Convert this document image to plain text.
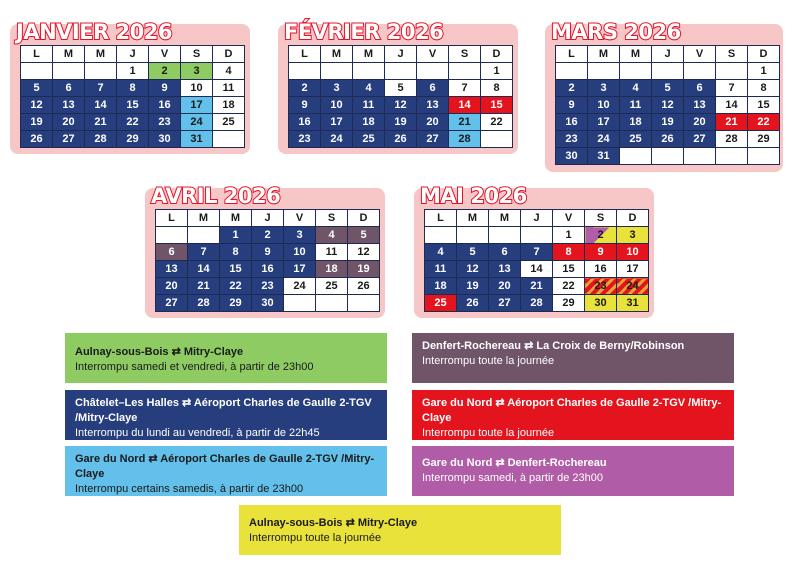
JANVIER 2026
L	M	M	J	V	S	D
			1	2	3	4
5	6	7	8	9	10	11
12	13	14	15	16	17	18
19	20	21	22	23	24	25
26	27	28	29	30	31	
FÉVRIER 2026
L	M	M	J	V	S	D
						1
2	3	4	5	6	7	8
9	10	11	12	13	14	15
16	17	18	19	20	21	22
23	24	25	26	27	28	
MARS 2026
L	M	M	J	V	S	D
						1
2	3	4	5	6	7	8
9	10	11	12	13	14	15
16	17	18	19	20	21	22
23	24	25	26	27	28	29
30	31					
AVRIL 2026
L	M	M	J	V	S	D
		1	2	3	4	5
6	7	8	9	10	11	12
13	14	15	16	17	18	19
20	21	22	23	24	25	26
27	28	29	30			
MAI 2026
L	M	M	J	V	S	D
				1	2	3
4	5	6	7	8	9	10
11	12	13	14	15	16	17
18	19	20	21	22	23	24
25	26	27	28	29	30	31
Aulnay-sous-Bois ⇄ Mitry-Claye
Interrompu samedi et vendredi, à partir de 23h00
Châtelet–Les Halles ⇄ Aéroport Charles de Gaulle 2-TGV /Mitry-Claye
Interrompu du lundi au vendredi, à partir de 22h45
Gare du Nord ⇄ Aéroport Charles de Gaulle 2-TGV /Mitry-Claye
Interrompu certains samedis, à partir de 23h00
Denfert-Rochereau ⇄ La Croix de Berny/Robinson
Interrompu toute la journée
Gare du Nord ⇄ Aéroport Charles de Gaulle 2-TGV /Mitry-Claye
Interrompu toute la journée
Gare du Nord ⇄ Denfert-Rochereau
Interrompu samedi, à partir de 23h00
Aulnay-sous-Bois ⇄ Mitry-Claye
Interrompu toute la journée
